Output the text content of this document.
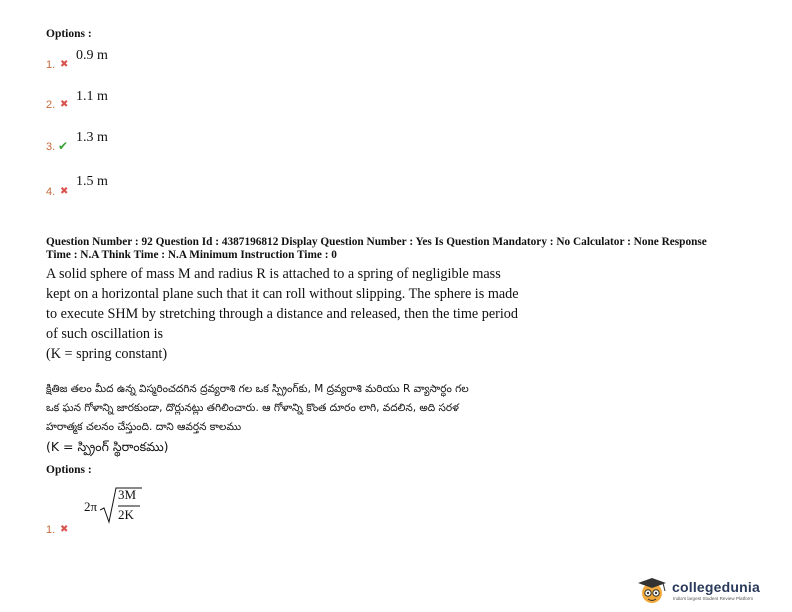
Options :
1. ✖
0.9 m
2. ✖
1.1 m
3. ✔
1.3 m
4. ✖
1.5 m
Question Number : 92 Question Id : 4387196812 Display Question Number : Yes Is Question Mandatory : No Calculator : None Response
Time : N.A Think Time : N.A Minimum Instruction Time : 0
A solid sphere of mass M and radius R is attached to a spring of negligible mass
kept on a horizontal plane such that it can roll without slipping. The sphere is made
to execute SHM by stretching through a distance and released, then the time period
of such oscillation is
(K = spring constant)
క్షితిజ తలం మీద ఉన్న విస్మరించదగిన ద్రవ్యరాశి గల ఒక స్ప్రింగ్‌కు, M ద్రవ్యరాశి మరియు R వ్యాసార్ధం గల
ఒక ఘన గోళాన్ని జారకుండా, దొర్లునట్లు తగిలించారు. ఆ గోళాన్ని కొంత దూరం లాగి, వదలిన, అది సరళ
హరాత్మక చలనం చేస్తుంది. దాని ఆవర్తన కాలము
(K = స్ప్రింగ్ స్థిరాంకము)
Options :
2π
3M
2K
1. ✖
collegedunia
India's largest Student Review Platform
